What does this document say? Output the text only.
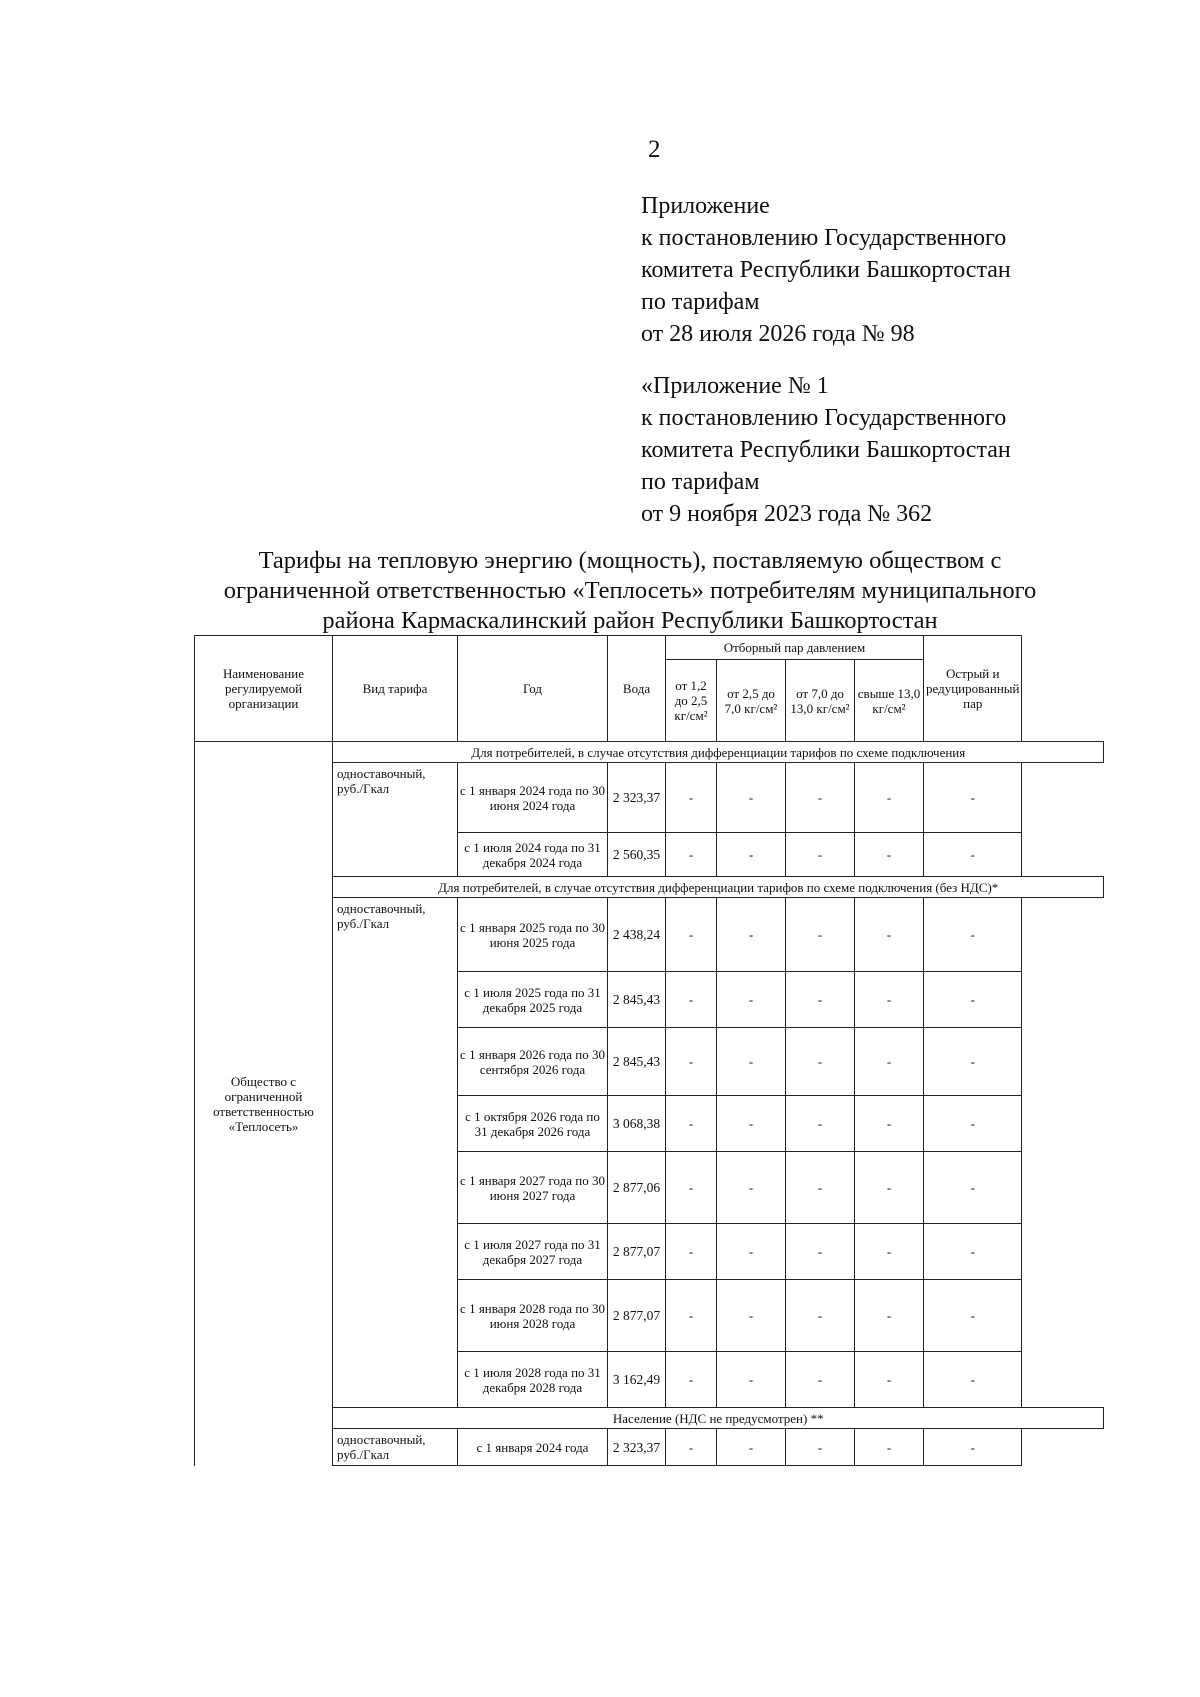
2
Приложение
к постановлению Государственного
комитета Республики Башкортостан
по тарифам
от 28 июля 2026 года № 98
«Приложение № 1
к постановлению Государственного
комитета Республики Башкортостан
по тарифам
от 9 ноября 2023 года № 362
Тарифы на тепловую энергию (мощность), поставляемую обществом с
ограниченной ответственностью «Теплосеть» потребителям муниципального
района Кармаскалинский район Республики Башкортостан
Наименование регулируемой организации	Вид тарифа	Год	Вода	Отборный пар давлением				Острый и редуцированный пар
				от 1,2 до 2,5 кг/см²	от 2,5 до 7,0 кг/см²	от 7,0 до 13,0 кг/см²	свыше 13,0 кг/см²	
Общество с ограниченной ответственностью «Теплосеть»	Для потребителей, в случае отсутствия дифференциации тарифов по схеме подключения							
	одноставочный, руб./Гкал	с 1 января 2024 года по 30 июня 2024 года	2 323,37	-	-	-	-	-
		с 1 июля 2024 года по 31 декабря 2024 года	2 560,35	-	-	-	-	-
	Для потребителей, в случае отсутствия дифференциации тарифов по схеме подключения (без НДС)*							
	одноставочный, руб./Гкал	с 1 января 2025 года по 30 июня 2025 года	2 438,24	-	-	-	-	-
		с 1 июля 2025 года по 31 декабря 2025 года	2 845,43	-	-	-	-	-
		с 1 января 2026 года по 30 сентября 2026 года	2 845,43	-	-	-	-	-
		с 1 октября 2026 года по 31 декабря 2026 года	3 068,38	-	-	-	-	-
		с 1 января 2027 года по 30 июня 2027 года	2 877,06	-	-	-	-	-
		с 1 июля 2027 года по 31 декабря 2027 года	2 877,07	-	-	-	-	-
		с 1 января 2028 года по 30 июня 2028 года	2 877,07	-	-	-	-	-
		с 1 июля 2028 года по 31 декабря 2028 года	3 162,49	-	-	-	-	-
	Население (НДС не предусмотрен) **							
	одноставочный, руб./Гкал	с 1 января 2024 года	2 323,37	-	-	-	-	-
